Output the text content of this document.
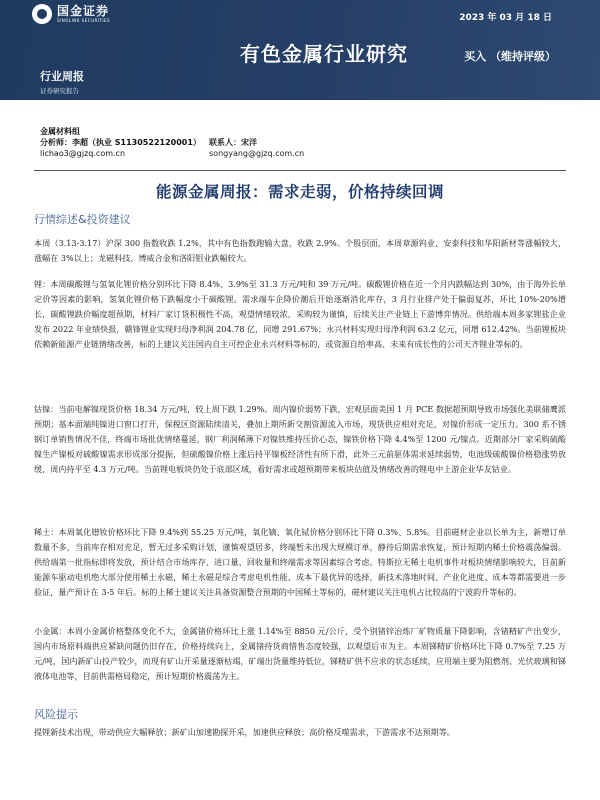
国金证券
SINOLINK SECURITIES	2023 年 03 月 18 日
有色金属行业研究	买入 （维持评级）
行业周报
证券研究报告
金属材料组
分析师：李超（执业 S1130522120001）
lichao3@gjzq.com.cn
联系人：宋洋
songyang@gjzq.com.cn
能源金属周报：需求走弱，价格持续回调
行情综述&投资建议
本周（3.13-3.17）沪深 300 指数收跌 1.2%，其中有色指数跑输大盘，收跌 2.9%。个股层面，本周章源钨业、安泰科技和华阳新材等涨幅较大，涨幅在 3%以上；龙磁科技、博威合金和洛阳钼业跌幅较大。
锂：本周碳酸锂与氢氧化锂价格分别环比下降 8.4%、3.9%至 31.3 万元/吨和 39 万元/吨。碳酸锂价格在近一个月内跌幅达到 30%，由于海外长单定价等因素的影响，氢氧化锂价格下跌幅度小于碳酸锂。需求端车企降价潮后开始逐渐消化库存，3 月行业排产处于偏弱复苏，环比 10%-20%增长，碳酸锂跌价幅度超预期，材料厂家订货积极性不高，观望情绪较浓，采购较为谨慎，后续关注产业链上下游博弈情况。供给端本周多家锂盐企业发布 2022 年业绩快报，赣锋锂业实现归母净利润 204.78 亿，同增 291.67%；永兴材料实现归母净利润 63.2 亿元，同增 612.42%。当前锂板块依赖新能源产业链情绪改善，标的上建议关注国内自主可控企业永兴材料等标的，或资源自给率高、未来有成长性的公司天齐锂业等标的。
钴镍：当前电解镍现货价格 18.34 万元/吨，较上周下跌 1.29%。周内镍价弱势下跌，宏观层面美国 1 月 PCE 数据超预期导致市场强化美联储鹰派预期；基本面端纯镍进口窗口打开，保税区资源陆续清关，叠加上期所新交割资源流入市场，现货供应相对充足，对镍价形成一定压力。300 系不锈钢订单销售情况不佳，终端市场批优情绪蔓延，钢厂利润稀薄下对镍铁维持压价心态，镍铁价格下降 4.4%至 1200 元/镍点。近期部分厂家采购硫酸镍生产镍板对硫酸镍需求形成部分提振，但硫酸镍价格上涨后持平镍板经济性有所下滑，此外三元前驱体需求延续弱势，电池级硫酸镍价格稳涨势放缓，周内持平至 4.3 万元/吨。当前锂电板块仍处于底部区域，看好需求或超预期带来板块估值及情绪改善的锂电中上游企业华友钴业。
稀土：本周氧化镨钕价格环比下降 9.4%到 55.25 万元/吨，氧化镝、氧化铽价格分别环比下降 0.3%、5.8%。目前磁材企业以长单为主，新增订单数量不多，当前库存相对充足，暂无过多采购计划，谨慎观望居多，终端暂未出现大规模订单，静待后期需求恢复，预计短期内稀土价格震荡偏弱。供给端第一批指标即将发放，预计结合市场库存、进口量、回收量和终端需求等因素综合考虑。特斯拉无稀土电机事件对板块情绪影响较大，目前新能源车驱动电机绝大部分使用稀土永磁，稀土永磁是综合考虑电机性能、成本下最优异的选择，新技术落地时间、产业化进度、成本等都需要进一步验证，量产预计在 3-5 年后。标的上稀土建议关注具备资源整合预期的中国稀土等标的，磁材建议关注电机占比较高的宁波韵升等标的。
小金属：本周小金属价格整体变化不大，金属锗价格环比上涨 1.14%至 8850 元/公斤，受个别锗锌冶炼厂矿物质量下降影响，含锗精矿产出变少，国内市场原料端供应紧缺问题仍旧存在，价格持续向上，金属锗持货商惜售态度较强，以观望后市为主。本周锑精矿价格环比下降 0.7%至 7.25 万元/吨，国内新矿山投产较少，而现有矿山开采量逐渐枯竭，矿端出货量维持低位，锑精矿供不应求的状态延续，应用端主要为阻燃剂、光伏玻璃和锑液体电池等，目前供需格局稳定，预计短期价格震荡为主。
风险提示
提锂新技术出现，带动供应大幅释放；新矿山加速勘探开采，加速供应释放；高价格反噬需求，下游需求不达预期等。
